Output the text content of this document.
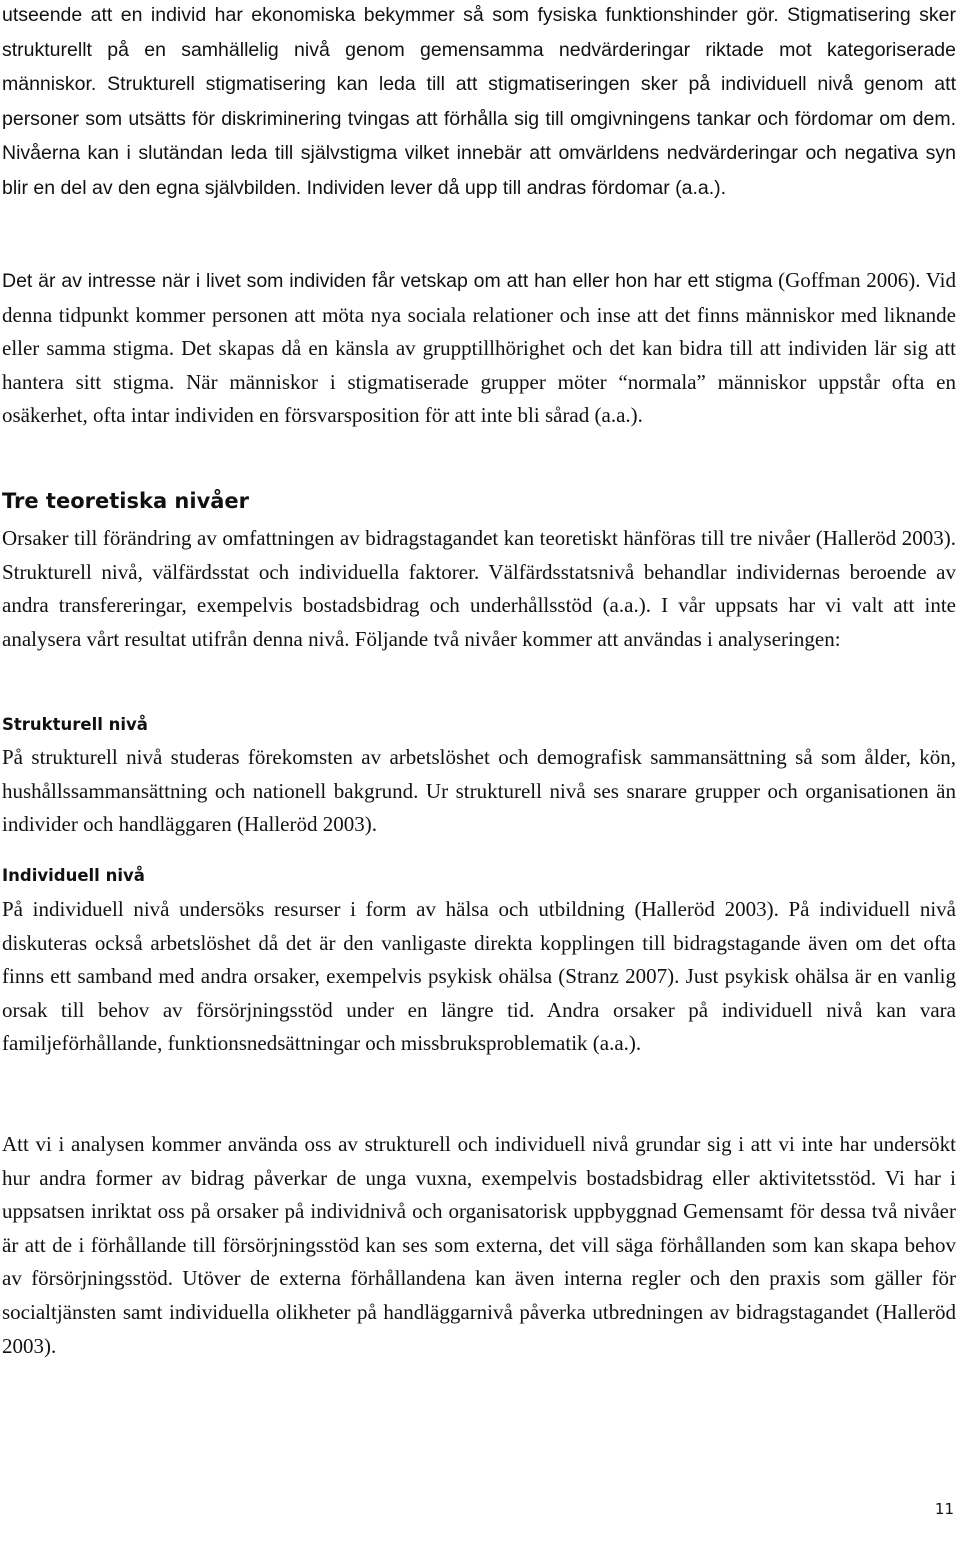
utseende att en individ har ekonomiska bekymmer så som fysiska funktionshinder gör. Stigmatisering sker strukturellt på en samhällelig nivå genom gemensamma nedvärderingar riktade mot kategoriserade människor. Strukturell stigmatisering kan leda till att stigmatiseringen sker på individuell nivå genom att personer som utsätts för diskriminering tvingas att förhålla sig till omgivningens tankar och fördomar om dem. Nivåerna kan i slutändan leda till självstigma vilket innebär att omvärldens nedvärderingar och negativa syn blir en del av den egna självbilden. Individen lever då upp till andras fördomar (a.a.).

Det är av intresse när i livet som individen får vetskap om att han eller hon har ett stigma (Goffman 2006). Vid denna tidpunkt kommer personen att möta nya sociala relationer och inse att det finns människor med liknande eller samma stigma. Det skapas då en känsla av grupptillhörighet och det kan bidra till att individen lär sig att hantera sitt stigma. När människor i stigmatiserade grupper möter “normala” människor uppstår ofta en osäkerhet, ofta intar individen en försvarsposition för att inte bli sårad (a.a.).

Tre teoretiska nivåer

Orsaker till förändring av omfattningen av bidragstagandet kan teoretiskt hänföras till tre nivåer (Halleröd 2003). Strukturell nivå, välfärdsstat och individuella faktorer. Välfärdsstatsnivå behandlar individernas beroende av andra transfereringar, exempelvis bostadsbidrag och underhållsstöd (a.a.). I vår uppsats har vi valt att inte analysera vårt resultat utifrån denna nivå. Följande två nivåer kommer att användas i analyseringen:

Strukturell nivå

På strukturell nivå studeras förekomsten av arbetslöshet och demografisk sammansättning så som ålder, kön, hushållssammansättning och nationell bakgrund. Ur strukturell nivå ses snarare grupper och organisationen än individer och handläggaren (Halleröd 2003).

Individuell nivå

På individuell nivå undersöks resurser i form av hälsa och utbildning (Halleröd 2003). På individuell nivå diskuteras också arbetslöshet då det är den vanligaste direkta kopplingen till bidragstagande även om det ofta finns ett samband med andra orsaker, exempelvis psykisk ohälsa (Stranz 2007). Just psykisk ohälsa är en vanlig orsak till behov av försörjningsstöd under en längre tid. Andra orsaker på individuell nivå kan vara familjeförhållande, funktionsnedsättningar och missbruksproblematik (a.a.).

Att vi i analysen kommer använda oss av strukturell och individuell nivå grundar sig i att vi inte har undersökt hur andra former av bidrag påverkar de unga vuxna, exempelvis bostadsbidrag eller aktivitetsstöd. Vi har i uppsatsen inriktat oss på orsaker på individnivå och organisatorisk uppbyggnad Gemensamt för dessa två nivåer är att de i förhållande till försörjningsstöd kan ses som externa, det vill säga förhållanden som kan skapa behov av försörjningsstöd. Utöver de externa förhållandena kan även interna regler och den praxis som gäller för socialtjänsten samt individuella olikheter på handläggarnivå påverka utbredningen av bidragstagandet (Halleröd 2003).

11
